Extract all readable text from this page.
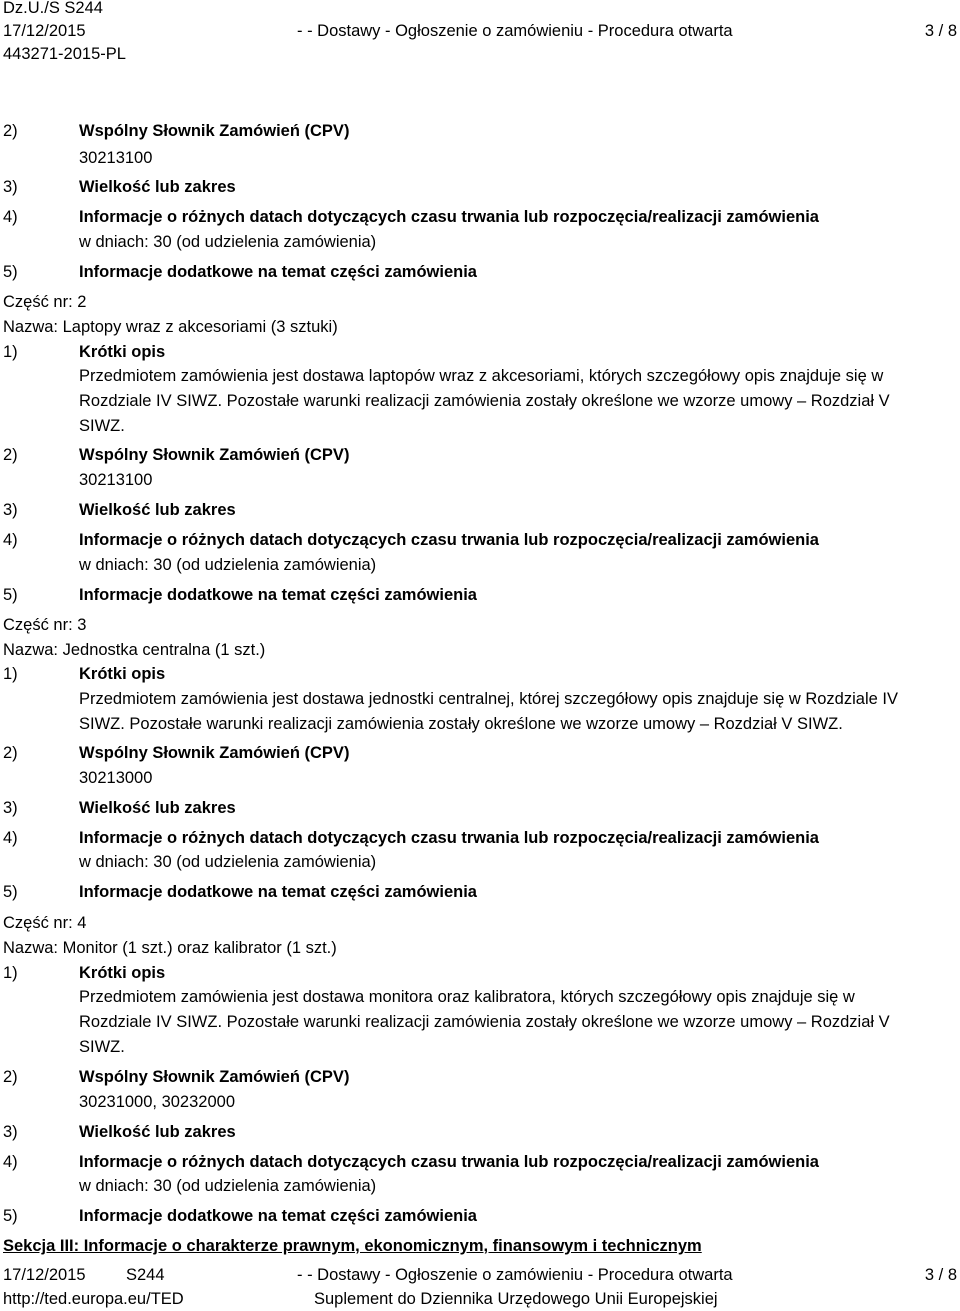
Dz.U./S S244
17/12/2015
443271-2015-PL
- - Dostawy - Ogłoszenie o zamówieniu - Procedura otwarta	3 / 8
2)	Wspólny Słownik Zamówień (CPV)
30213100
3)	Wielkość lub zakres
4)	Informacje o różnych datach dotyczących czasu trwania lub rozpoczęcia/realizacji zamówienia
w dniach: 30 (od udzielenia zamówienia)
5)	Informacje dodatkowe na temat części zamówienia
Część nr: 2
Nazwa: Laptopy wraz z akcesoriami (3 sztuki)
1)	Krótki opis
Przedmiotem zamówienia jest dostawa laptopów wraz z akcesoriami, których szczegółowy opis znajduje się w
Rozdziale IV SIWZ. Pozostałe warunki realizacji zamówienia zostały określone we wzorze umowy – Rozdział V
SIWZ.
2)	Wspólny Słownik Zamówień (CPV)
30213100
3)	Wielkość lub zakres
4)	Informacje o różnych datach dotyczących czasu trwania lub rozpoczęcia/realizacji zamówienia
w dniach: 30 (od udzielenia zamówienia)
5)	Informacje dodatkowe na temat części zamówienia
Część nr: 3
Nazwa: Jednostka centralna (1 szt.)
1)	Krótki opis
Przedmiotem zamówienia jest dostawa jednostki centralnej, której szczegółowy opis znajduje się w Rozdziale IV
SIWZ. Pozostałe warunki realizacji zamówienia zostały określone we wzorze umowy – Rozdział V SIWZ.
2)	Wspólny Słownik Zamówień (CPV)
30213000
3)	Wielkość lub zakres
4)	Informacje o różnych datach dotyczących czasu trwania lub rozpoczęcia/realizacji zamówienia
w dniach: 30 (od udzielenia zamówienia)
5)	Informacje dodatkowe na temat części zamówienia
Część nr: 4
Nazwa: Monitor (1 szt.) oraz kalibrator (1 szt.)
1)	Krótki opis
Przedmiotem zamówienia jest dostawa monitora oraz kalibratora, których szczegółowy opis znajduje się w
Rozdziale IV SIWZ. Pozostałe warunki realizacji zamówienia zostały określone we wzorze umowy – Rozdział V
SIWZ.
2)	Wspólny Słownik Zamówień (CPV)
30231000, 30232000
3)	Wielkość lub zakres
4)	Informacje o różnych datach dotyczących czasu trwania lub rozpoczęcia/realizacji zamówienia
w dniach: 30 (od udzielenia zamówienia)
5)	Informacje dodatkowe na temat części zamówienia
Sekcja III: Informacje o charakterze prawnym, ekonomicznym, finansowym i technicznym
17/12/2015 S244
http://ted.europa.eu/TED
- - Dostawy - Ogłoszenie o zamówieniu - Procedura otwarta
Suplement do Dziennika Urzędowego Unii Europejskiej
3 / 8
